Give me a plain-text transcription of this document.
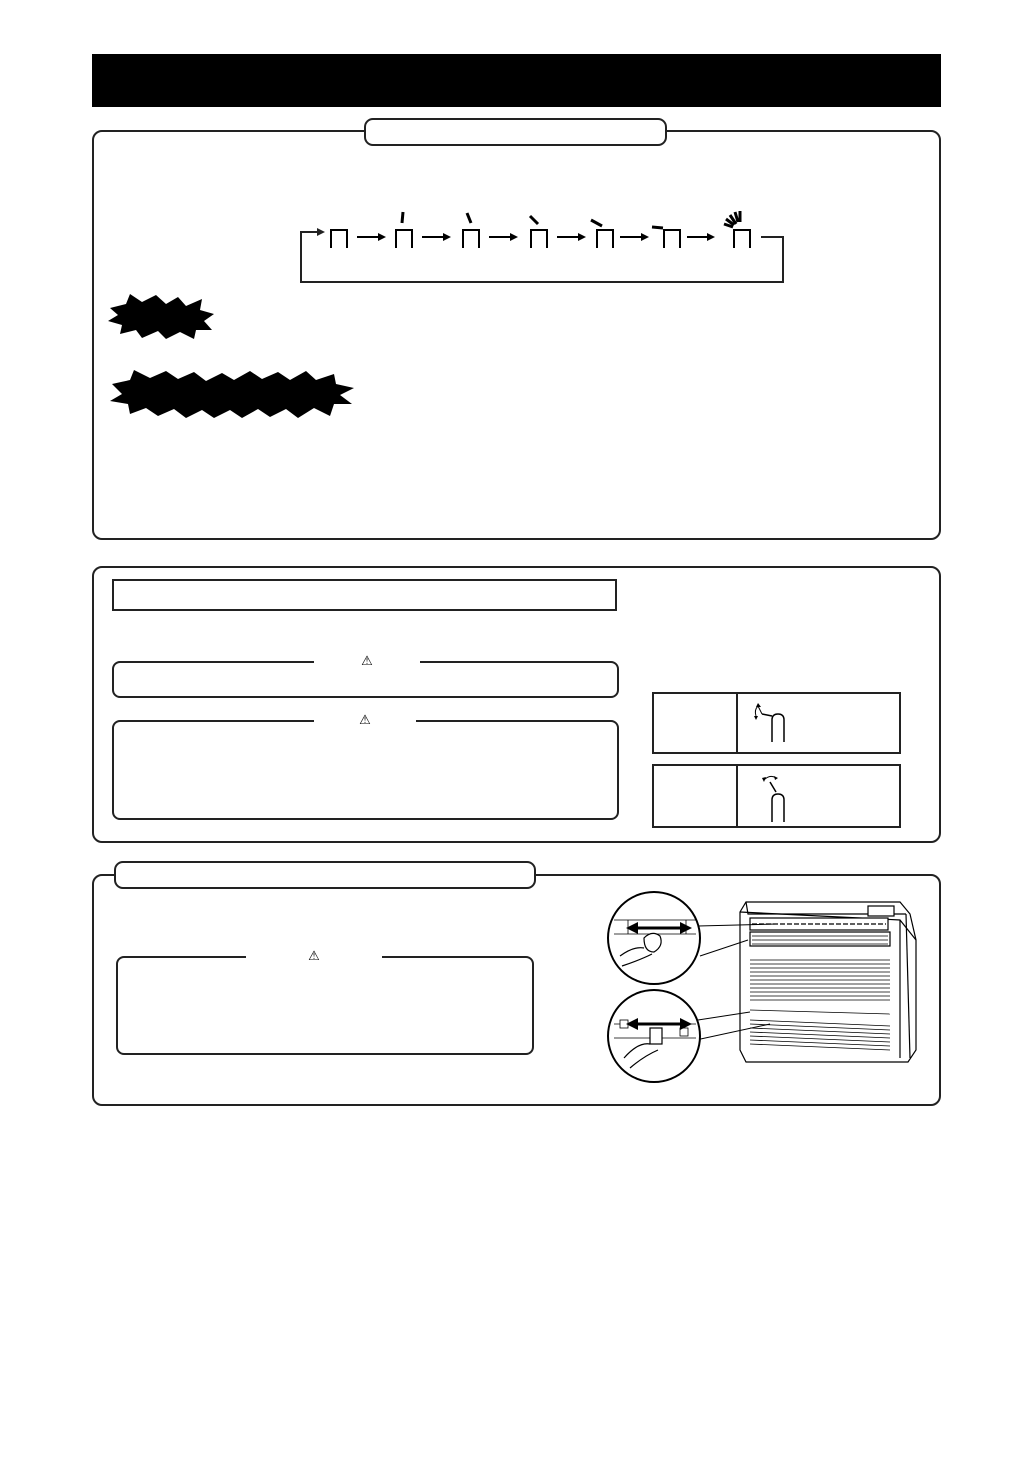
⚠
⚠
⚠
